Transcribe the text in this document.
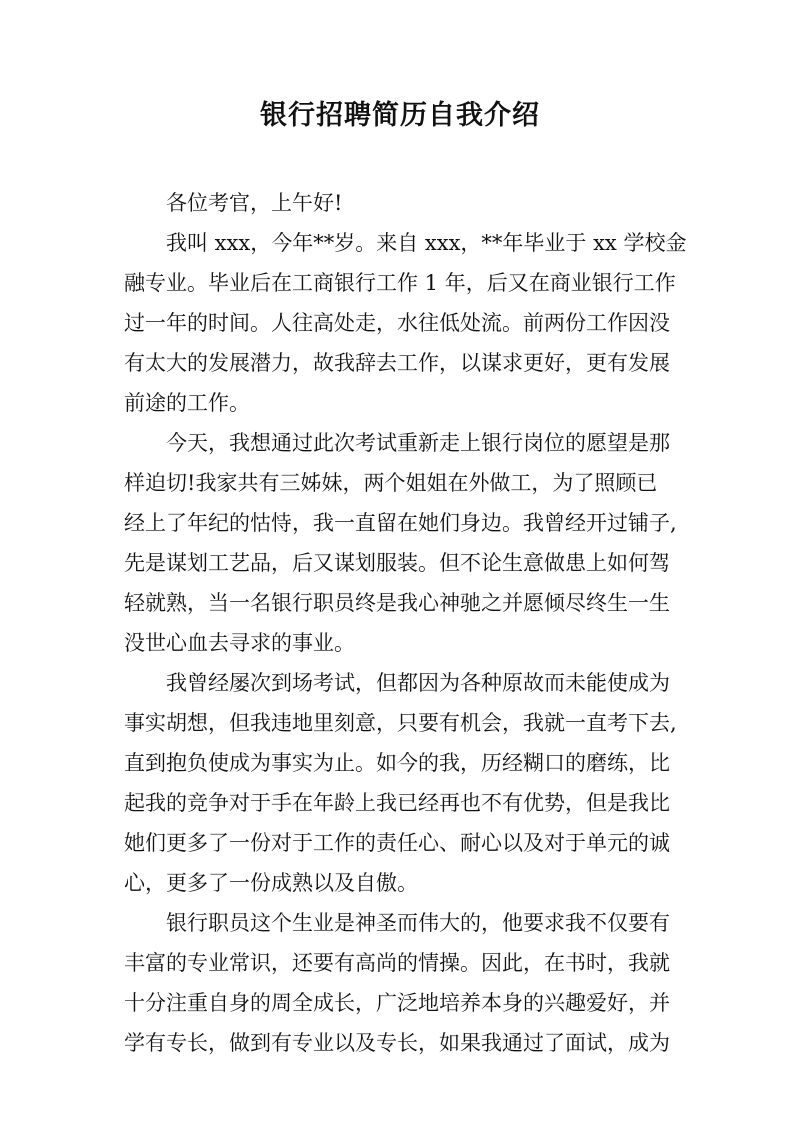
银行招聘简历自我介绍

各位考官，上午好!

我叫 xxx，今年**岁。来自 xxx，**年毕业于 xx 学校金

融专业。毕业后在工商银行工作 1 年，后又在商业银行工作

过一年的时间。人往高处走，水往低处流。前两份工作因没

有太大的发展潜力，故我辞去工作，以谋求更好，更有发展

前途的工作。

今天，我想通过此次考试重新走上银行岗位的愿望是那

样迫切!我家共有三姊妹，两个姐姐在外做工，为了照顾已

经上了年纪的怙恃，我一直留在她们身边。我曾经开过铺子,

先是谋划工艺品，后又谋划服装。但不论生意做患上如何驾

轻就熟，当一名银行职员终是我心神驰之并愿倾尽终生一生

没世心血去寻求的事业。

我曾经屡次到场考试，但都因为各种原故而未能使成为

事实胡想，但我违地里刻意，只要有机会，我就一直考下去,

直到抱负使成为事实为止。如今的我，历经糊口的磨练，比

起我的竞争对于手在年龄上我已经再也不有优势，但是我比

她们更多了一份对于工作的责任心、耐心以及对于单元的诚

心，更多了一份成熟以及自傲。

银行职员这个生业是神圣而伟大的，他要求我不仅要有

丰富的专业常识，还要有高尚的情操。因此，在书时，我就

十分注重自身的周全成长，广泛地培养本身的兴趣爱好，并

学有专长，做到有专业以及专长，如果我通过了面试，成为
